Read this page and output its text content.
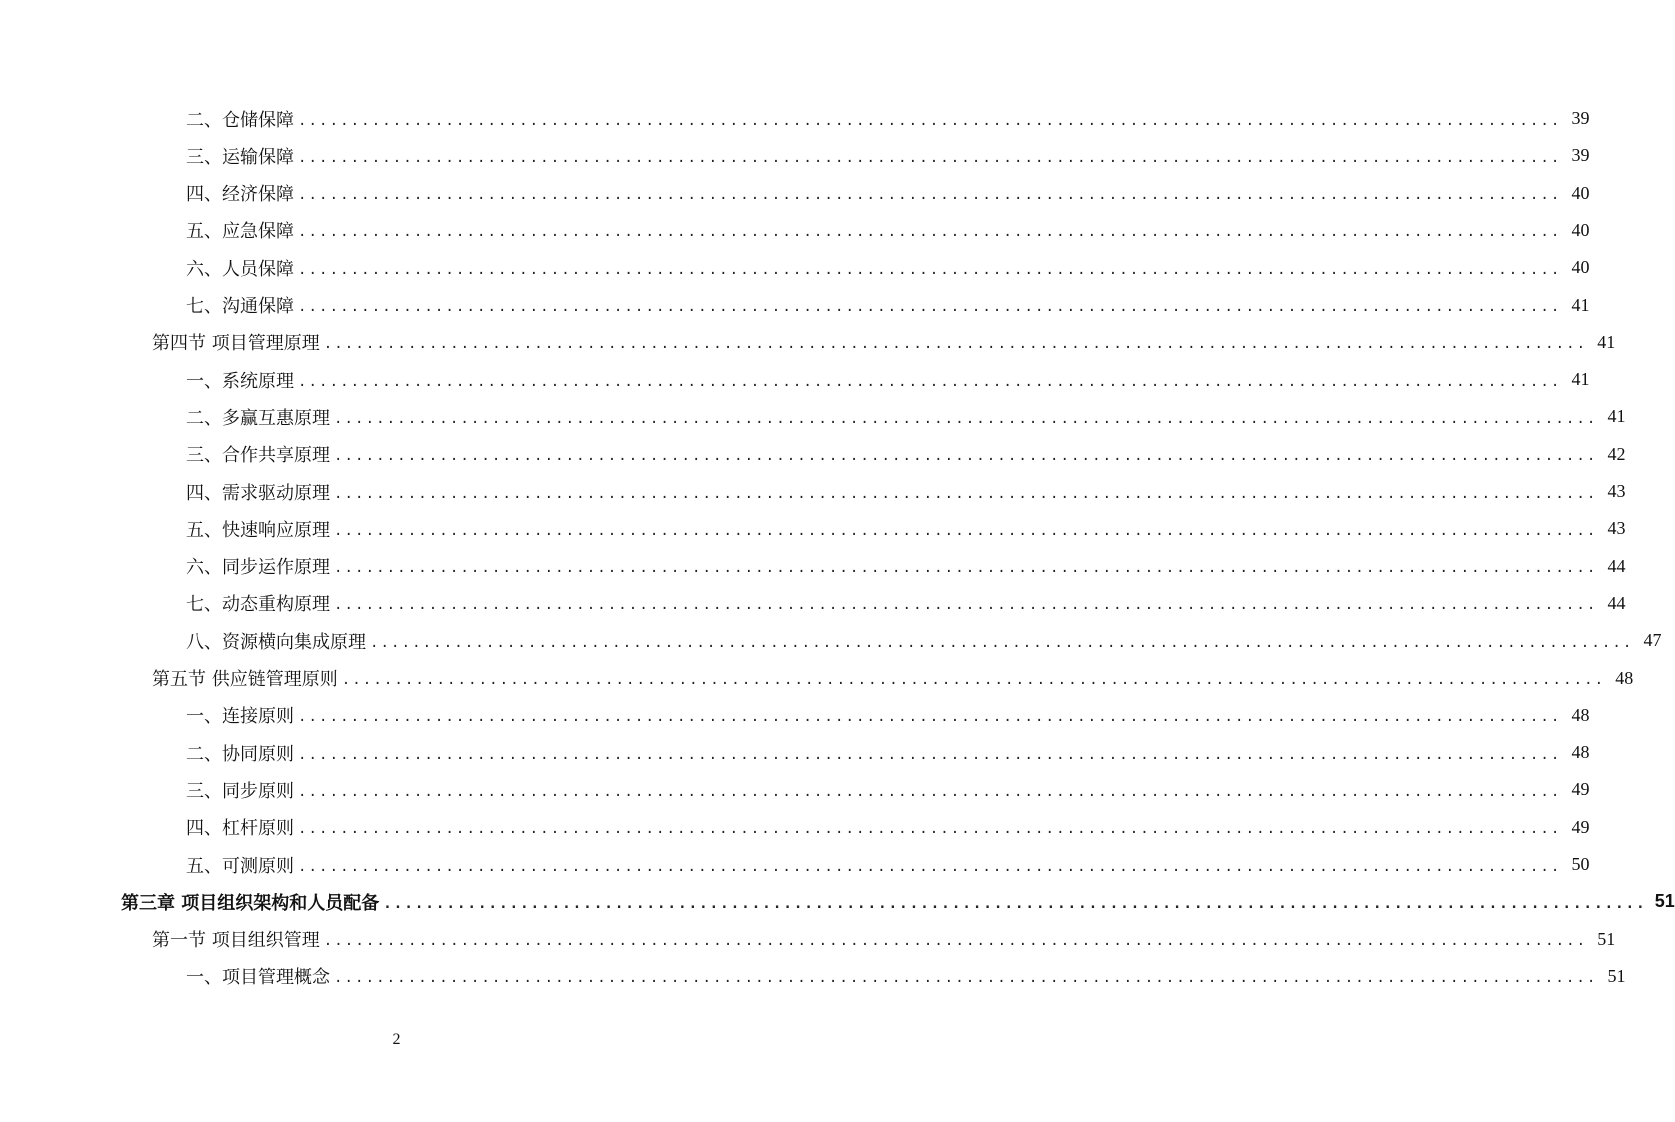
二、仓储保障 ........................................................................................................................ 39
三、运输保障 ........................................................................................................................ 39
四、经济保障 ........................................................................................................................ 40
五、应急保障 ........................................................................................................................ 40
六、人员保障 ........................................................................................................................ 40
七、沟通保障 ........................................................................................................................ 41
第四节 项目管理原理 ........................................................................................................................ 41
一、系统原理 ........................................................................................................................ 41
二、多赢互惠原理 ........................................................................................................................ 41
三、合作共享原理 ........................................................................................................................ 42
四、需求驱动原理 ........................................................................................................................ 43
五、快速响应原理 ........................................................................................................................ 43
六、同步运作原理 ........................................................................................................................ 44
七、动态重构原理 ........................................................................................................................ 44
八、资源横向集成原理 ........................................................................................................................ 47
第五节 供应链管理原则 ........................................................................................................................ 48
一、连接原则 ........................................................................................................................ 48
二、协同原则 ........................................................................................................................ 48
三、同步原则 ........................................................................................................................ 49
四、杠杆原则 ........................................................................................................................ 49
五、可测原则 ........................................................................................................................ 50
第三章 项目组织架构和人员配备 ........................................................................................................................ 51
第一节 项目组织管理 ........................................................................................................................ 51
一、项目管理概念 ........................................................................................................................ 51
2
